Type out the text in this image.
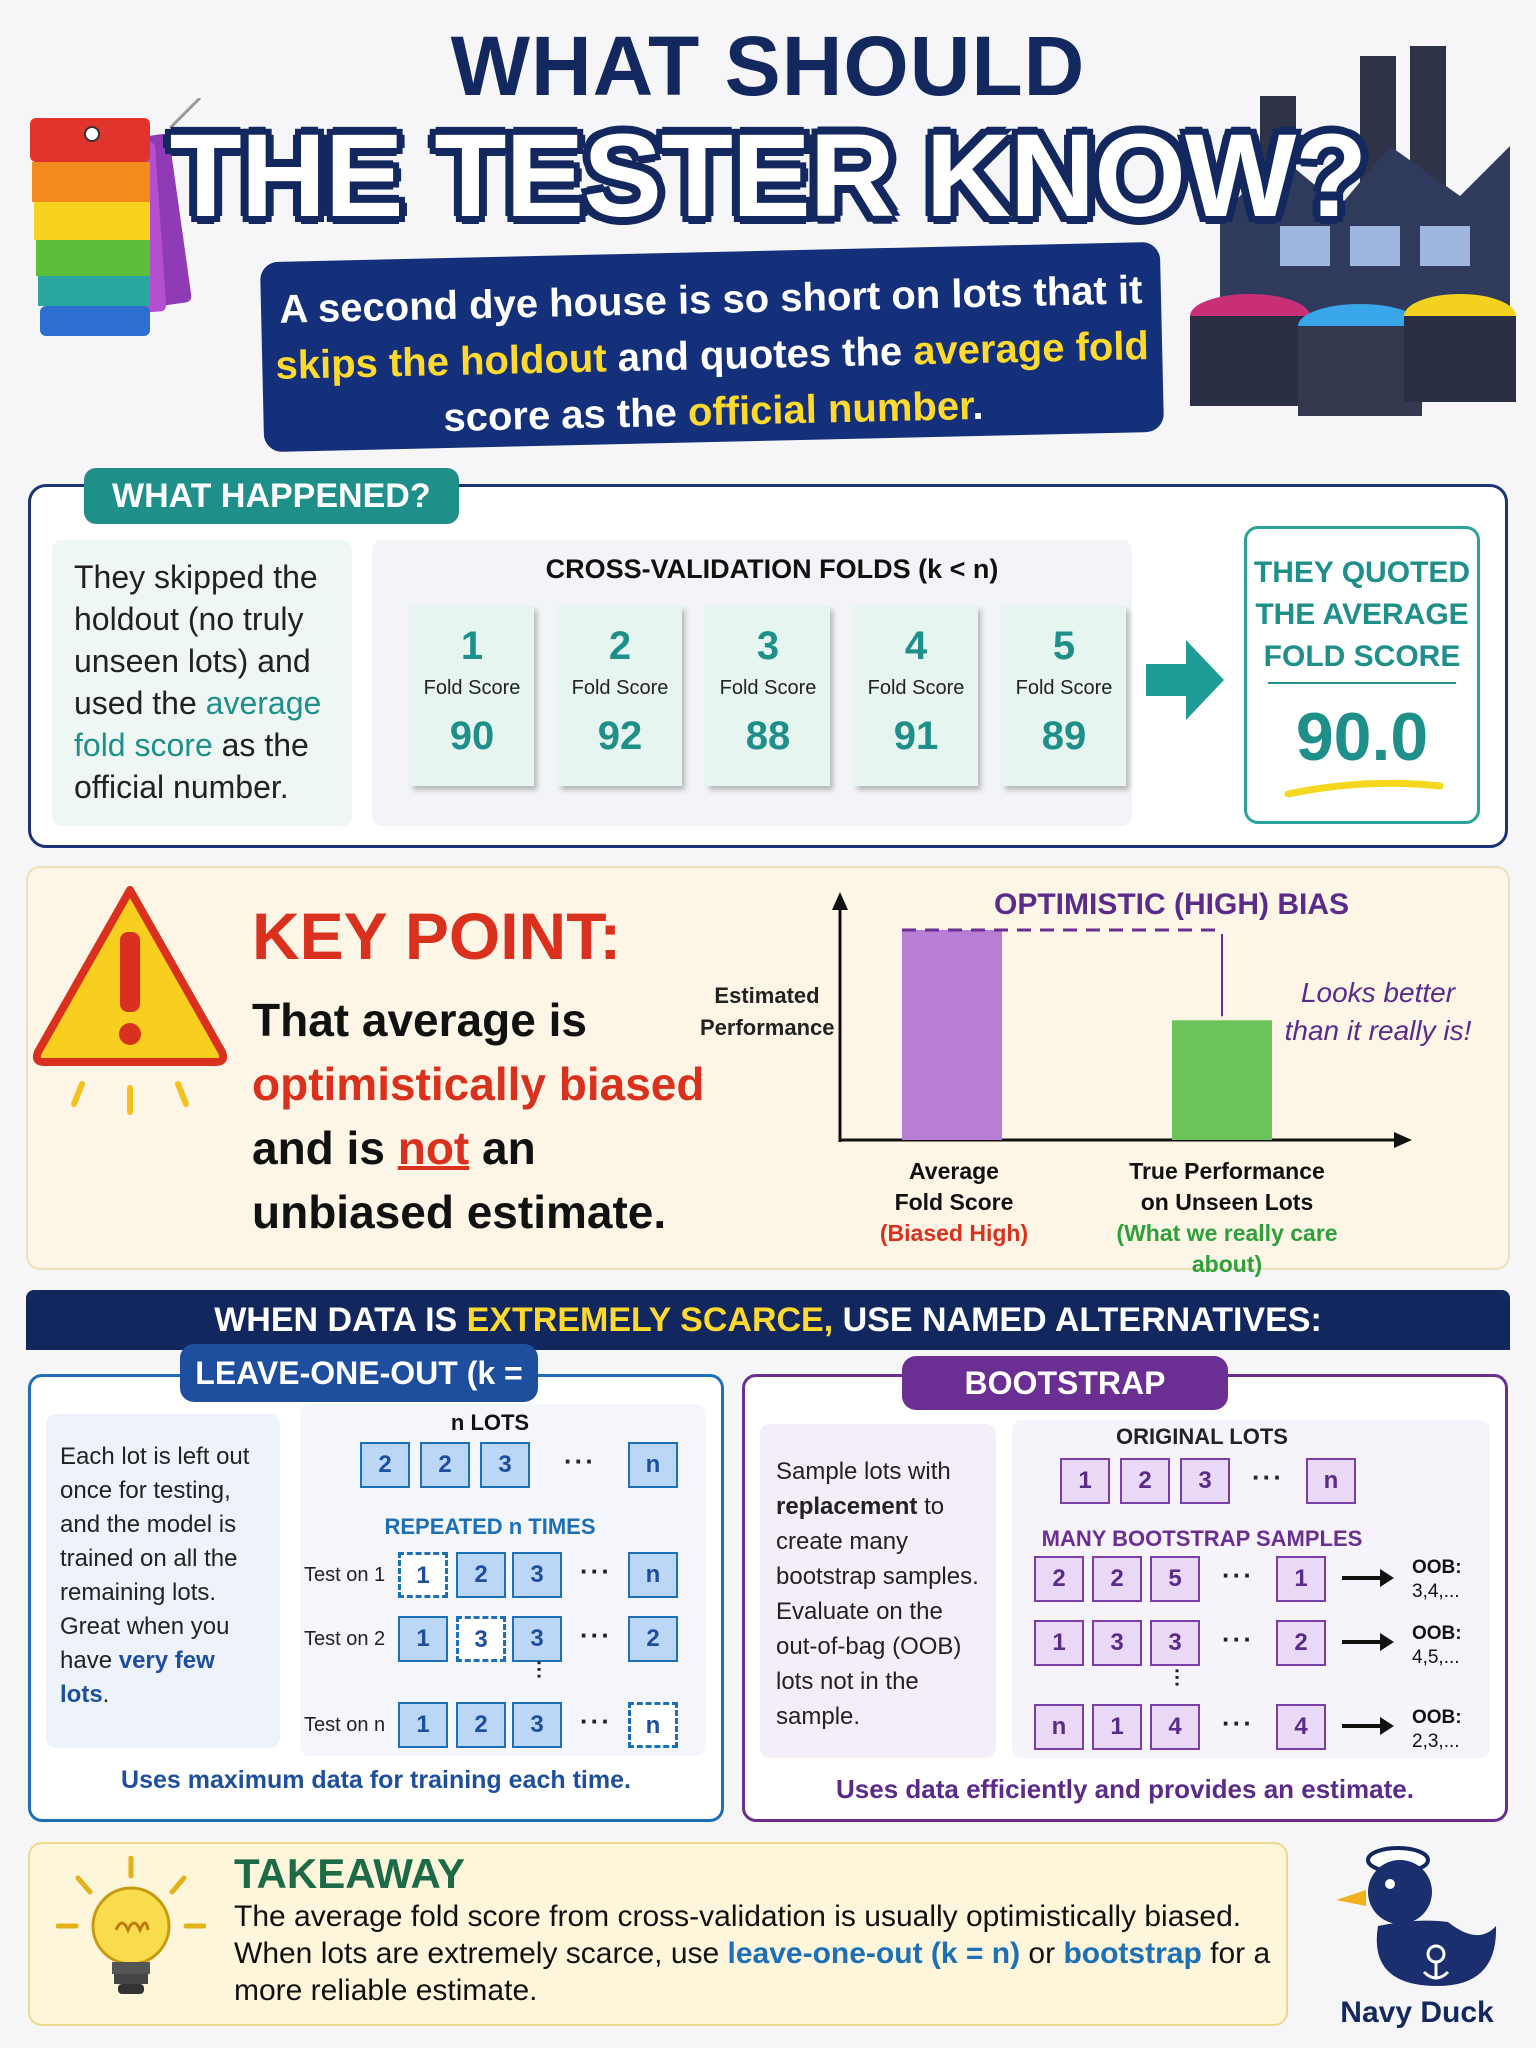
WHAT SHOULD
THE TESTER KNOW?
A second dye house is so short on lots that it
skips the holdout and quotes the average fold
score as the official number.
WHAT HAPPENED?
They skipped the holdout (no truly unseen lots) and used the average fold score as the official number.
CROSS-VALIDATION FOLDS (k < n)
1
Fold Score
90
2
Fold Score
92
3
Fold Score
88
4
Fold Score
91
5
Fold Score
89
THEY QUOTED THE AVERAGE FOLD SCORE
90.0
KEY POINT:
That average is
optimistically biased
and is not an unbiased estimate.
OPTIMISTIC (HIGH) BIAS
Estimated Performance
Average
Fold Score
(Biased High)
True Performance
on Unseen Lots
(What we really care about)
Looks better than it really is!
WHEN DATA IS EXTREMELY SCARCE, USE NAMED ALTERNATIVES:
LEAVE-ONE-OUT (k =
Each lot is left out once for testing, and the model is trained on all the remaining lots. Great when you have very few lots.
n LOTS
2	2	3	···	n
REPEATED n TIMES
Test on 1	1	2	3	···	n
Test on 2	1	3	3	···	2
···
Test on n	1	2	3	···	n
Uses maximum data for training each time.
BOOTSTRAP
Sample lots with replacement to create many bootstrap samples. Evaluate on the out-of-bag (OOB) lots not in the sample.
ORIGINAL LOTS
1	2	3	···	n
MANY BOOTSTRAP SAMPLES
2	2	5	···	1	OOB:
3,4,...
1	3	3	···	2	OOB:
4,5,...
···
n	1	4	···	4	OOB:
2,3,...
Uses data efficiently and provides an estimate.
TAKEAWAY
The average fold score from cross-validation is usually optimistically biased. When lots are extremely scarce, use leave-one-out (k = n) or bootstrap for a more reliable estimate.
Navy Duck
